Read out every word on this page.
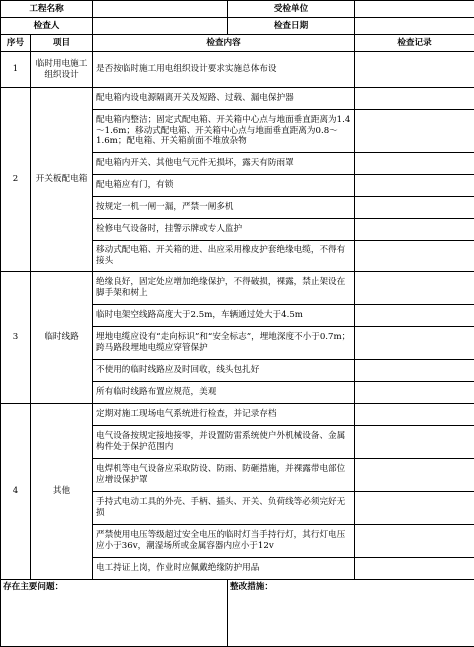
工程名称			受检单位	
检查人			检查日期	
序号	项目	检查内容		检查记录
1	临时用电施工组织设计	是否按临时施工用电组织设计要求实施总体布设		
2	开关板配电箱	配电箱内设电源隔离开关及短路、过载、漏电保护器		
		配电箱内整洁；固定式配电箱、开关箱中心点与地面垂直距离为1.4～1.6m；移动式配电箱、开关箱中心点与地面垂直距离为0.8～1.6m；配电箱、开关箱前面不堆放杂物		
		配电箱内开关、其他电气元件无损坏，露天有防雨罩		
		配电箱应有门，有锁		
		按规定一机一闸一漏，严禁一闸多机		
		检修电气设备时，挂警示牌或专人监护		
		移动式配电箱、开关箱的进、出应采用橡皮护套绝缘电缆，不得有接头		
3	临时线路	绝缘良好，固定处应增加绝缘保护，不得破损，裸露，禁止架设在脚手架和树上		
		临时电架空线路高度大于2.5m，车辆通过处大于4.5m		
		埋地电缆应设有“走向标识”和“安全标志”，埋地深度不小于0.7m；跨马路段埋地电缆应穿管保护		
		不使用的临时线路应及时回收，线头包扎好		
		所有临时线路布置应规范，美观		
4	其他	定期对施工现场电气系统进行检查，并记录存档		
		电气设备按规定接地接零，并设置防雷系统使户外机械设备、金属构件处于保护范围内		
		电焊机等电气设备应采取防设、防雨、防砸措施，并裸露带电部位应增设保护罩		
		手持式电动工具的外壳、手柄、插头、开关、负荷线等必须完好无损		
		严禁使用电压等级超过安全电压的临时灯当手持行灯，其行灯电压应小于36v，潮湿场所或金属容器内应小于12v		
		电工持证上岗，作业时应佩戴绝缘防护用品		
存在主要问题：			整改措施：	
